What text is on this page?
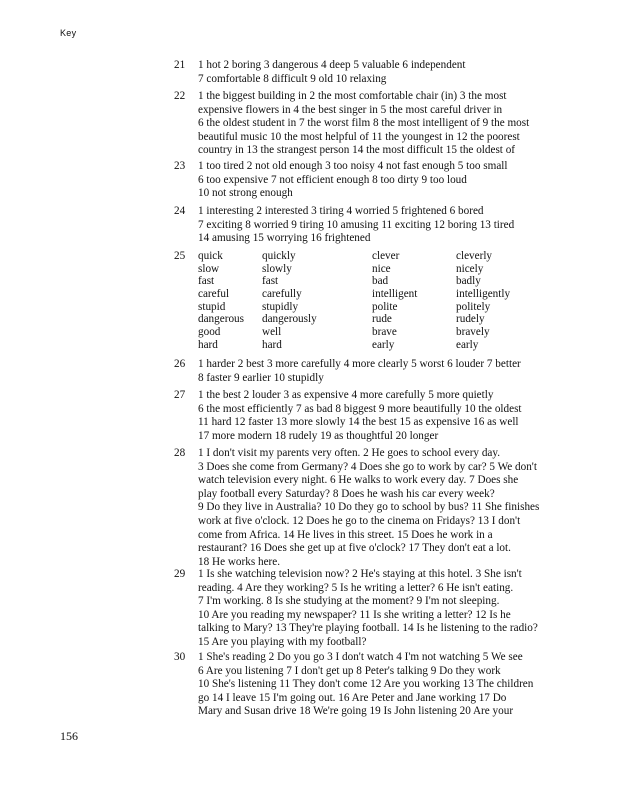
Key
21	1 hot 2 boring 3 dangerous 4 deep 5 valuable 6 independent
7 comfortable 8 difficult 9 old 10 relaxing
22	1 the biggest building in 2 the most comfortable chair (in) 3 the most
expensive flowers in 4 the best singer in 5 the most careful driver in
6 the oldest student in 7 the worst film 8 the most intelligent of 9 the most
beautiful music 10 the most helpful of 11 the youngest in 12 the poorest
country in 13 the strangest person 14 the most difficult 15 the oldest of
23	1 too tired 2 not old enough 3 too noisy 4 not fast enough 5 too small
6 too expensive 7 not efficient enough 8 too dirty 9 too loud
10 not strong enough
24	1 interesting 2 interested 3 tiring 4 worried 5 frightened 6 bored
7 exciting 8 worried 9 tiring 10 amusing 11 exciting 12 boring 13 tired
14 amusing 15 worrying 16 frightened
25	quick	quickly	clever	cleverly
slow	slowly	nice	nicely
fast	fast	bad	badly
careful	carefully	intelligent	intelligently
stupid	stupidly	polite	politely
dangerous dangerously	rude	rudely
good	well	brave	bravely
hard	hard	early	early
26	1 harder 2 best 3 more carefully 4 more clearly 5 worst 6 louder 7 better
8 faster 9 earlier 10 stupidly
27	1 the best 2 louder 3 as expensive 4 more carefully 5 more quietly
6 the most efficiently 7 as bad 8 biggest 9 more beautifully 10 the oldest
11 hard 12 faster 13 more slowly 14 the best 15 as expensive 16 as well
17 more modern 18 rudely 19 as thoughtful 20 longer
28	1 I don't visit my parents very often. 2 He goes to school every day.
3 Does she come from Germany? 4 Does she go to work by car? 5 We don't
watch television every night. 6 He walks to work every day. 7 Does she
play football every Saturday? 8 Does he wash his car every week?
9 Do they live in Australia? 10 Do they go to school by bus? 11 She finishes
work at five o'clock. 12 Does he go to the cinema on Fridays? 13 I don't
come from Africa. 14 He lives in this street. 15 Does he work in a
restaurant? 16 Does she get up at five o'clock? 17 They don't eat a lot.
18 He works here.
29	1 Is she watching television now? 2 He's staying at this hotel. 3 She isn't
reading. 4 Are they working? 5 Is he writing a letter? 6 He isn't eating.
7 I'm working. 8 Is she studying at the moment? 9 I'm not sleeping.
10 Are you reading my newspaper? 11 Is she writing a letter? 12 Is he
talking to Mary? 13 They're playing football. 14 Is he listening to the radio?
15 Are you playing with my football?
30	1 She's reading 2 Do you go 3 I don't watch 4 I'm not watching 5 We see
6 Are you listening 7 I don't get up 8 Peter's talking 9 Do they work
10 She's listening 11 They don't come 12 Are you working 13 The children
go 14 I leave 15 I'm going out. 16 Are Peter and Jane working 17 Do
Mary and Susan drive 18 We're going 19 Is John listening 20 Are your
156
